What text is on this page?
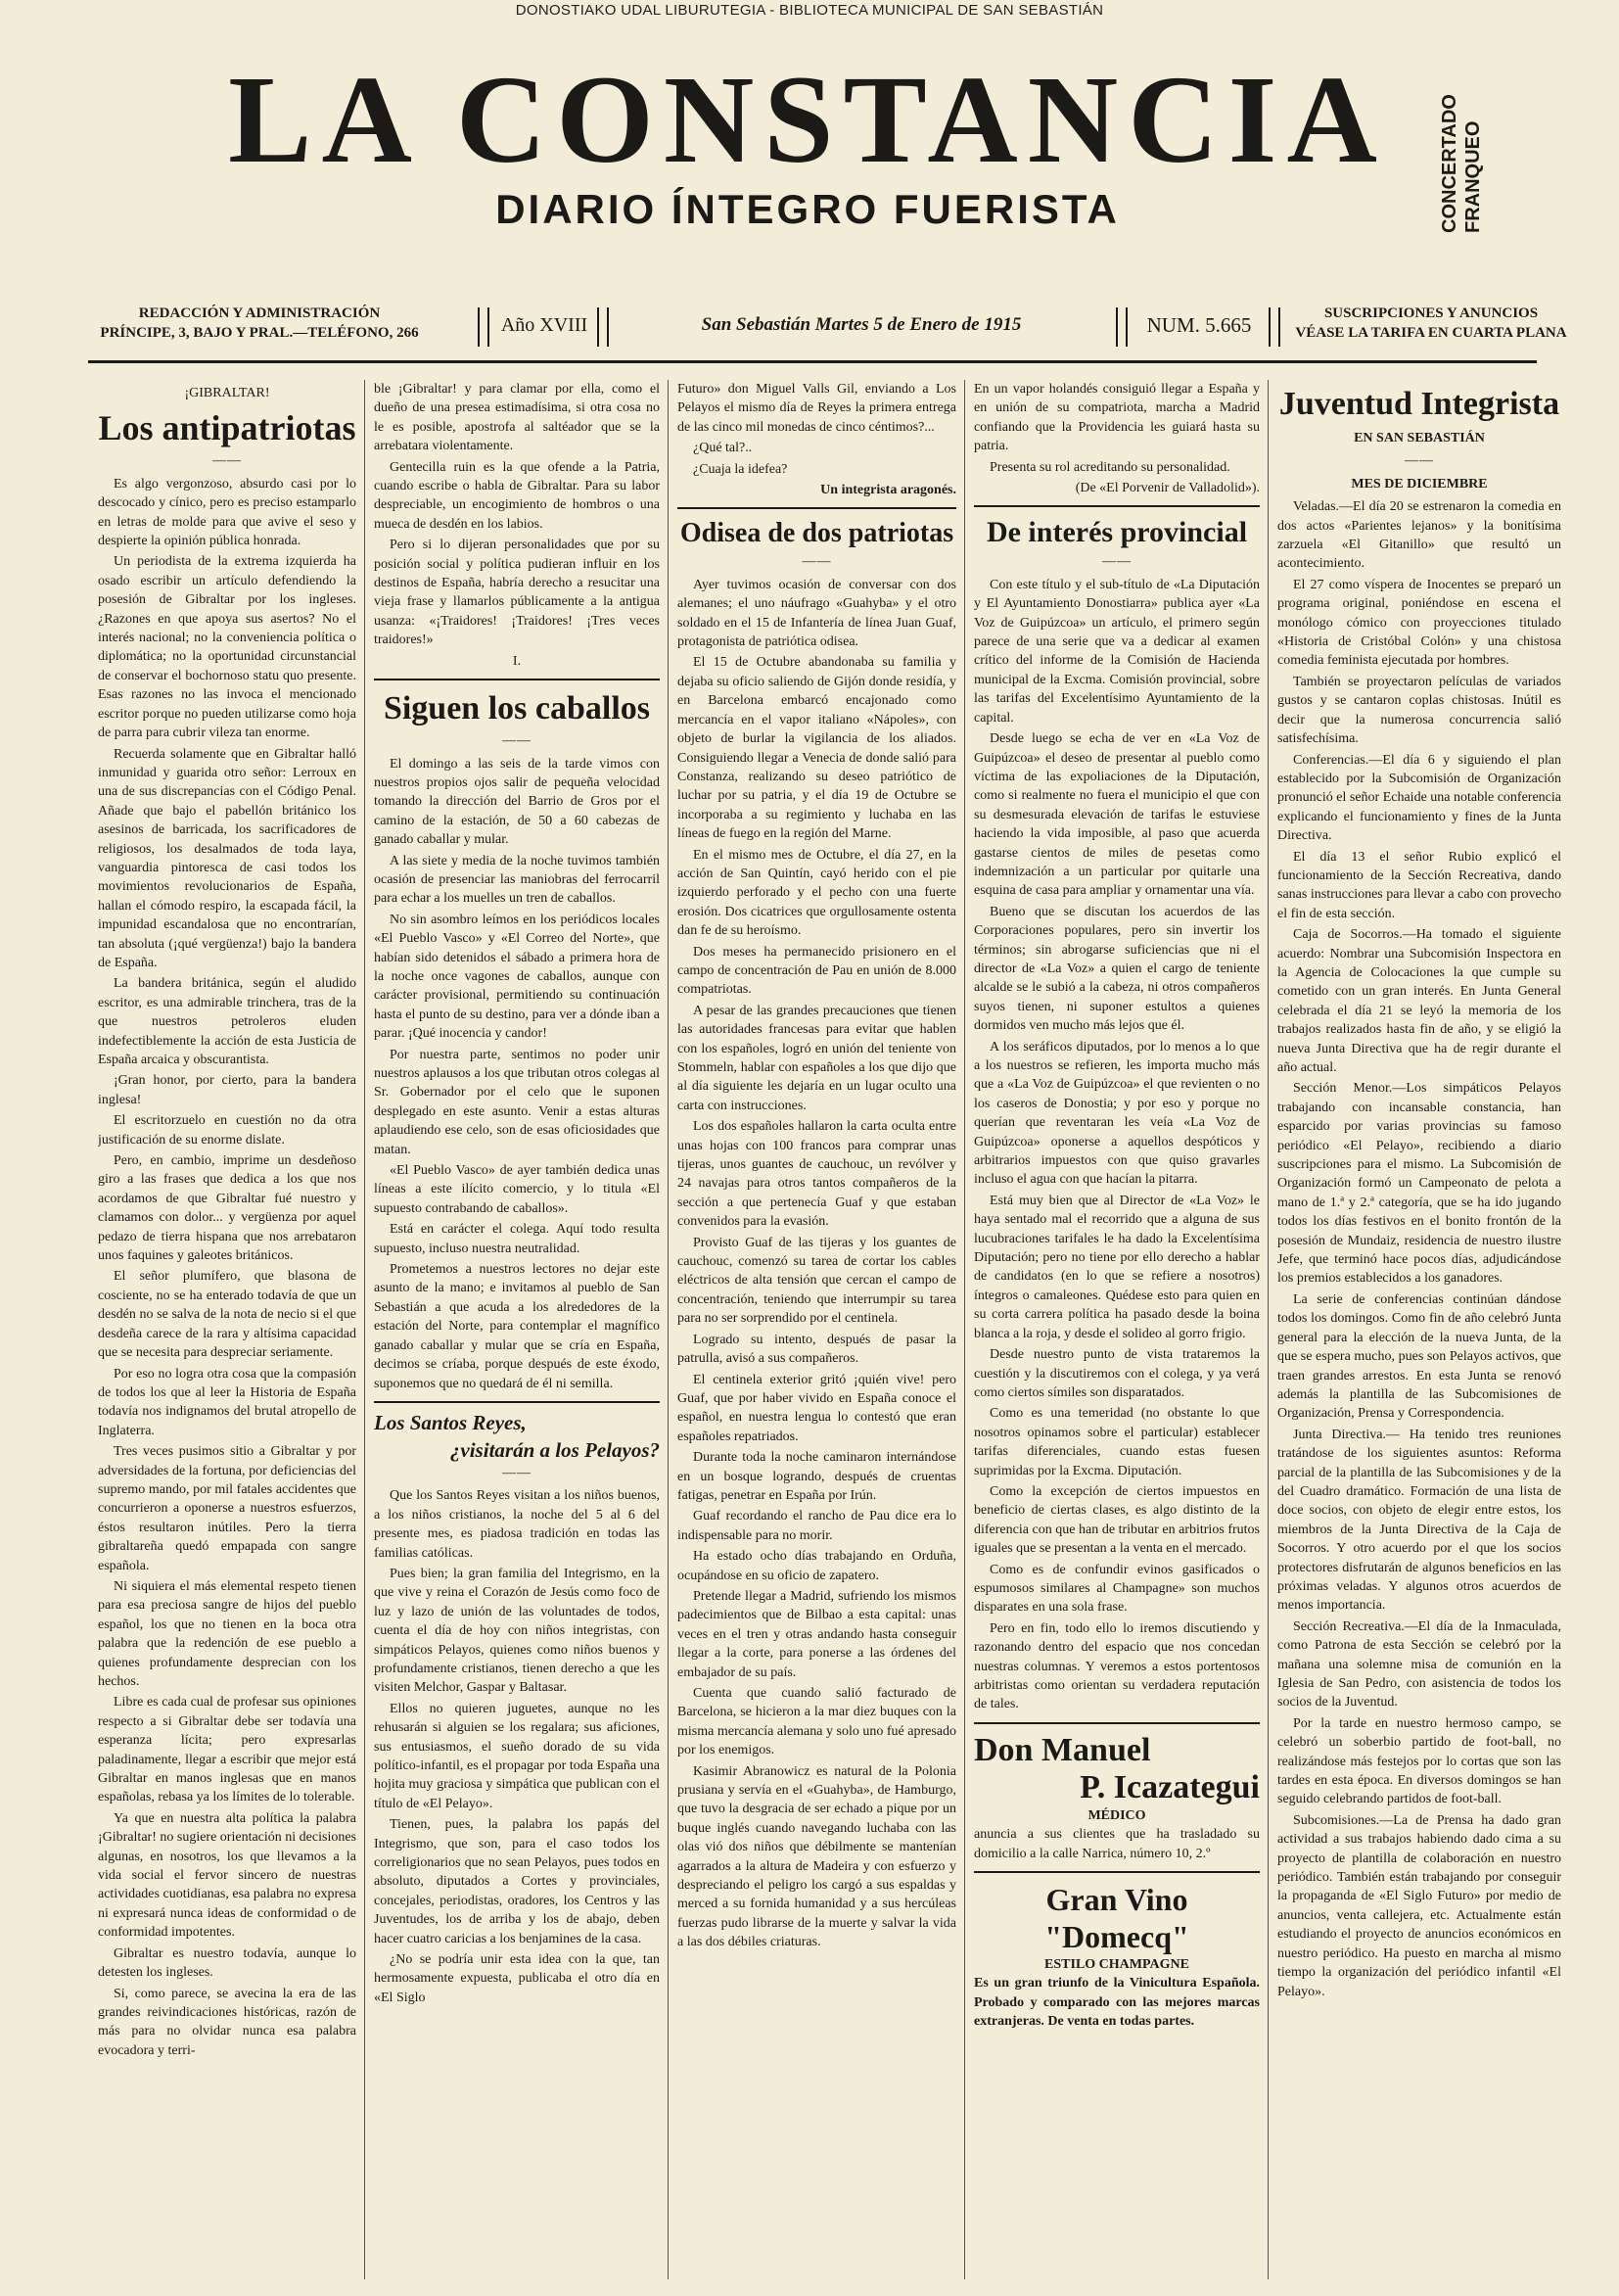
DONOSTIAKO UDAL LIBURUTEGIA - BIBLIOTECA MUNICIPAL DE SAN SEBASTIÁN
LA CONSTANCIA
DIARIO ÍNTEGRO FUERISTA	CONCERTADO FRANQUEO
REDACCIÓN Y ADMINISTRACIÓN
PRÍNCIPE, 3, BAJO Y PRAL.—TELÉFONO, 266	Año XVIII	San Sebastián Martes 5 de Enero de 1915	NUM. 5.665	SUSCRIPCIONES Y ANUNCIOS
VÉASE LA TARIFA EN CUARTA PLANA

¡GIBRALTAR!

Los antipatriotas

——

Es algo vergonzoso, absurdo casi por lo descocado y cínico, pero es preciso estamparlo en letras de molde para que avive el seso y despierte la opinión pública honrada.

Un periodista de la extrema izquierda ha osado escribir un artículo defendiendo la posesión de Gibraltar por los ingleses. ¿Razones en que apoya sus asertos? No el interés nacional; no la conveniencia política o diplomática; no la oportunidad circunstancial de conservar el bochornoso statu quo presente. Esas razones no las invoca el mencionado escritor porque no pueden utilizarse como hoja de parra para cubrir vileza tan enorme.

Recuerda solamente que en Gibraltar halló inmunidad y guarida otro señor: Lerroux en una de sus discrepancias con el Código Penal. Añade que bajo el pabellón británico los asesinos de barricada, los sacrificadores de religiosos, los desalmados de toda laya, vanguardia pintoresca de casi todos los movimientos revolucionarios de España, hallan el cómodo respiro, la escapada fácil, la impunidad escandalosa que no encontrarían, tan absoluta (¡qué vergüenza!) bajo la bandera de España.

La bandera británica, según el aludido escritor, es una admirable trinchera, tras de la que nuestros petroleros eluden indefectiblemente la acción de esta Justicia de España arcaica y obscurantista.

¡Gran honor, por cierto, para la bandera inglesa!

El escritorzuelo en cuestión no da otra justificación de su enorme dislate.

Pero, en cambio, imprime un desdeñoso giro a las frases que dedica a los que nos acordamos de que Gibraltar fué nuestro y clamamos con dolor... y vergüenza por aquel pedazo de tierra hispana que nos arrebataron unos faquines y galeotes británicos.

El señor plumífero, que blasona de cosciente, no se ha enterado todavía de que un desdén no se salva de la nota de necio si el que desdeña carece de la rara y altísima capacidad que se necesita para despreciar seriamente.

Por eso no logra otra cosa que la compasión de todos los que al leer la Historia de España todavía nos indignamos del brutal atropello de Inglaterra.

Tres veces pusimos sitio a Gibraltar y por adversidades de la fortuna, por deficiencias del supremo mando, por mil fatales accidentes que concurrieron a oponerse a nuestros esfuerzos, éstos resultaron inútiles. Pero la tierra gibraltareña quedó empapada con sangre española.

Ni siquiera el más elemental respeto tienen para esa preciosa sangre de hijos del pueblo español, los que no tienen en la boca otra palabra que la redención de ese pueblo a quienes profundamente desprecian con los hechos.

Libre es cada cual de profesar sus opiniones respecto a si Gibraltar debe ser todavía una esperanza lícita; pero expresarlas paladinamente, llegar a escribir que mejor está Gibraltar en manos inglesas que en manos españolas, rebasa ya los límites de lo tolerable.

Ya que en nuestra alta política la palabra ¡Gibraltar! no sugiere orientación ni decisiones algunas, en nosotros, los que llevamos a la vida social el fervor sincero de nuestras actividades cuotidianas, esa palabra no expresa ni expresará nunca ideas de conformidad o de conformidad impotentes.

Gibraltar es nuestro todavía, aunque lo detesten los ingleses.

Si, como parece, se avecina la era de las grandes reivindicaciones históricas, razón de más para no olvidar nunca esa palabra evocadora y terri-

ble ¡Gibraltar! y para clamar por ella, como el dueño de una presea estimadísima, si otra cosa no le es posible, apostrofa al saltéador que se la arrebatara violentamente.

Gentecilla ruin es la que ofende a la Patria, cuando escribe o habla de Gibraltar. Para su labor despreciable, un encogimiento de hombros o una mueca de desdén en los labios.

Pero si lo dijeran personalidades que por su posición social y política pudieran influir en los destinos de España, habría derecho a resucitar una vieja frase y llamarlos públicamente a la antigua usanza: «¡Traidores! ¡Traidores! ¡Tres veces traidores!»

I.

Siguen los caballos

——

El domingo a las seis de la tarde vimos con nuestros propios ojos salir de pequeña velocidad tomando la dirección del Barrio de Gros por el camino de la estación, de 50 a 60 cabezas de ganado caballar y mular.

A las siete y media de la noche tuvimos también ocasión de presenciar las maniobras del ferrocarril para echar a los muelles un tren de caballos.

No sin asombro leímos en los periódicos locales «El Pueblo Vasco» y «El Correo del Norte», que habían sido detenidos el sábado a primera hora de la noche once vagones de caballos, aunque con carácter provisional, permitiendo su continuación hasta el punto de su destino, para ver a dónde iban a parar. ¡Qué inocencia y candor!

Por nuestra parte, sentimos no poder unir nuestros aplausos a los que tributan otros colegas al Sr. Gobernador por el celo que le suponen desplegado en este asunto. Venir a estas alturas aplaudiendo ese celo, son de esas oficiosidades que matan.

«El Pueblo Vasco» de ayer también dedica unas líneas a este ilícito comercio, y lo titula «El supuesto contrabando de caballos».

Está en carácter el colega. Aquí todo resulta supuesto, incluso nuestra neutralidad.

Prometemos a nuestros lectores no dejar este asunto de la mano; e invitamos al pueblo de San Sebastián a que acuda a los alrededores de la estación del Norte, para contemplar el magnífico ganado caballar y mular que se cría en España, decimos se críaba, porque después de este éxodo, suponemos que no quedará de él ni semilla.

Los Santos Reyes,

¿visitarán a los Pelayos?

——

Que los Santos Reyes visitan a los niños buenos, a los niños cristianos, la noche del 5 al 6 del presente mes, es piadosa tradición en todas las familias católicas.

Pues bien; la gran familia del Integrismo, en la que vive y reina el Corazón de Jesús como foco de luz y lazo de unión de las voluntades de todos, cuenta el día de hoy con niños integristas, con simpáticos Pelayos, quienes como niños buenos y profundamente cristianos, tienen derecho a que les visiten Melchor, Gaspar y Baltasar.

Ellos no quieren juguetes, aunque no les rehusarán si alguien se los regalara; sus aficiones, sus entusiasmos, el sueño dorado de su vida político-infantil, es el propagar por toda España una hojita muy graciosa y simpática que publican con el título de «El Pelayo».

Tienen, pues, la palabra los papás del Integrismo, que son, para el caso todos los correligionarios que no sean Pelayos, pues todos en absoluto, diputados a Cortes y provinciales, concejales, periodistas, oradores, los Centros y las Juventudes, los de arriba y los de abajo, deben hacer cuatro caricias a los benjamines de la casa.

¿No se podría unir esta idea con la que, tan hermosamente expuesta, publicaba el otro día en «El Siglo

Futuro» don Miguel Valls Gil, enviando a Los Pelayos el mismo día de Reyes la primera entrega de las cinco mil monedas de cinco céntimos?...

¿Qué tal?..

¿Cuaja la idefea?

Un integrista aragonés.

Odisea de dos patriotas

——

Ayer tuvimos ocasión de conversar con dos alemanes; el uno náufrago «Guahyba» y el otro soldado en el 15 de Infantería de línea Juan Guaf, protagonista de patriótica odisea.

El 15 de Octubre abandonaba su familia y dejaba su oficio saliendo de Gijón donde residía, y en Barcelona embarcó encajonado como mercancía en el vapor italiano «Nápoles», con objeto de burlar la vigilancia de los aliados. Consiguiendo llegar a Venecia de donde salió para Constanza, realizando su deseo patriótico de luchar por su patria, y el día 19 de Octubre se incorporaba a su regimiento y luchaba en las líneas de fuego en la región del Marne.

En el mismo mes de Octubre, el día 27, en la acción de San Quintín, cayó herido con el pie izquierdo perforado y el pecho con una fuerte erosión. Dos cicatrices que orgullosamente ostenta dan fe de su heroísmo.

Dos meses ha permanecido prisionero en el campo de concentración de Pau en unión de 8.000 compatriotas.

A pesar de las grandes precauciones que tienen las autoridades francesas para evitar que hablen con los españoles, logró en unión del teniente von Stommeln, hablar con españoles a los que dijo que al día siguiente les dejaría en un lugar oculto una carta con instrucciones.

Los dos españoles hallaron la carta oculta entre unas hojas con 100 francos para comprar unas tijeras, unos guantes de cauchouc, un revólver y 24 navajas para otros tantos compañeros de la sección a que pertenecía Guaf y que estaban convenidos para la evasión.

Provisto Guaf de las tijeras y los guantes de cauchouc, comenzó su tarea de cortar los cables eléctricos de alta tensión que cercan el campo de concentración, teniendo que interrumpir su tarea para no ser sorprendido por el centinela.

Logrado su intento, después de pasar la patrulla, avisó a sus compañeros.

El centinela exterior gritó ¡quién vive! pero Guaf, que por haber vivido en España conoce el español, en nuestra lengua lo contestó que eran españoles repatriados.

Durante toda la noche caminaron internándose en un bosque logrando, después de cruentas fatigas, penetrar en España por Irún.

Guaf recordando el rancho de Pau dice era lo indispensable para no morir.

Ha estado ocho días trabajando en Orduña, ocupándose en su oficio de zapatero.

Pretende llegar a Madrid, sufriendo los mismos padecimientos que de Bilbao a esta capital: unas veces en el tren y otras andando hasta conseguir llegar a la corte, para ponerse a las órdenes del embajador de su país.

Cuenta que cuando salió facturado de Barcelona, se hicieron a la mar diez buques con la misma mercancía alemana y solo uno fué apresado por los enemigos.

Kasimir Abranowicz es natural de la Polonia prusiana y servía en el «Guahyba», de Hamburgo, que tuvo la desgracia de ser echado a pique por un buque inglés cuando navegando luchaba con las olas vió dos niños que débilmente se mantenían agarrados a la altura de Madeira y con esfuerzo y despreciando el peligro los cargó a sus espaldas y merced a su fornida humanidad y a sus hercúleas fuerzas pudo librarse de la muerte y salvar la vida a las dos débiles criaturas.

En un vapor holandés consiguió llegar a España y en unión de su compatriota, marcha a Madrid confiando que la Providencia les guiará hasta su patria.

Presenta su rol acreditando su personalidad.

(De «El Porvenir de Valladolid»).

De interés provincial

——

Con este título y el sub-título de «La Diputación y El Ayuntamiento Donostiarra» publica ayer «La Voz de Guipúzcoa» un artículo, el primero según parece de una serie que va a dedicar al examen crítico del informe de la Comisión de Hacienda municipal de la Excma. Comisión provincial, sobre las tarifas del Excelentísimo Ayuntamiento de la capital.

Desde luego se echa de ver en «La Voz de Guipúzcoa» el deseo de presentar al pueblo como víctima de las expoliaciones de la Diputación, como si realmente no fuera el municipio el que con su desmesurada elevación de tarifas le estuviese haciendo la vida imposible, al paso que acuerda gastarse cientos de miles de pesetas como indemnización a un particular por quitarle una esquina de casa para ampliar y ornamentar una vía.

Bueno que se discutan los acuerdos de las Corporaciones populares, pero sin invertir los términos; sin abrogarse suficiencias que ni el director de «La Voz» a quien el cargo de teniente alcalde se le subió a la cabeza, ni otros compañeros suyos tienen, ni suponer estultos a quienes dormidos ven mucho más lejos que él.

A los seráficos diputados, por lo menos a lo que a los nuestros se refieren, les importa mucho más que a «La Voz de Guipúzcoa» el que revienten o no los caseros de Donostia; y por eso y porque no querían que reventaran les veía «La Voz de Guipúzcoa» oponerse a aquellos despóticos y arbitrarios impuestos con que quiso gravarles incluso el agua con que hacían la pitarra.

Está muy bien que al Director de «La Voz» le haya sentado mal el recorrido que a alguna de sus lucubraciones tarifales le ha dado la Excelentísima Diputación; pero no tiene por ello derecho a hablar de candidatos (en lo que se refiere a nosotros) íntegros o camaleones. Quédese esto para quien en su corta carrera política ha pasado desde la boina blanca a la roja, y desde el solideo al gorro frigio.

Desde nuestro punto de vista trataremos la cuestión y la discutiremos con el colega, y ya verá como ciertos símiles son disparatados.

Como es una temeridad (no obstante lo que nosotros opinamos sobre el particular) establecer tarifas diferenciales, cuando estas fuesen suprimidas por la Excma. Diputación.

Como la excepción de ciertos impuestos en beneficio de ciertas clases, es algo distinto de la diferencia con que han de tributar en arbitrios frutos iguales que se presentan a la venta en el mercado.

Como es de confundir evinos gasificados o espumosos similares al Champagne» son muchos disparates en una sola frase.

Pero en fin, todo ello lo iremos discutiendo y razonando dentro del espacio que nos concedan nuestras columnas. Y veremos a estos portentosos arbitristas como orientan su verdadera reputación de tales.

Don Manuel
P. Icazategui
MÉDICO
anuncia a sus clientes que ha trasladado su domicilio a la calle Narrica, número 10, 2.º
Gran Vino "Domecq"
ESTILO CHAMPAGNE
Es un gran triunfo de la Vinicultura Española. Probado y comparado con las mejores marcas extranjeras. De venta en todas partes.

Juventud Integrista

EN SAN SEBASTIÁN

——

MES DE DICIEMBRE

Veladas.—El día 20 se estrenaron la comedia en dos actos «Parientes lejanos» y la bonitísima zarzuela «El Gitanillo» que resultó un acontecimiento.

El 27 como víspera de Inocentes se preparó un programa original, poniéndose en escena el monólogo cómico con proyecciones titulado «Historia de Cristóbal Colón» y una chistosa comedia feminista ejecutada por hombres.

También se proyectaron películas de variados gustos y se cantaron coplas chistosas. Inútil es decir que la numerosa concurrencia salió satisfechísima.

Conferencias.—El día 6 y siguiendo el plan establecido por la Subcomisión de Organización pronunció el señor Echaide una notable conferencia explicando el funcionamiento y fines de la Junta Directiva.

El día 13 el señor Rubio explicó el funcionamiento de la Sección Recreativa, dando sanas instrucciones para llevar a cabo con provecho el fin de esta sección.

Caja de Socorros.—Ha tomado el siguiente acuerdo: Nombrar una Subcomisión Inspectora en la Agencia de Colocaciones la que cumple su cometido con un gran interés. En Junta General celebrada el día 21 se leyó la memoria de los trabajos realizados hasta fin de año, y se eligió la nueva Junta Directiva que ha de regir durante el año actual.

Sección Menor.—Los simpáticos Pelayos trabajando con incansable constancia, han esparcido por varias provincias su famoso periódico «El Pelayo», recibiendo a diario suscripciones para el mismo. La Subcomisión de Organización formó un Campeonato de pelota a mano de 1.ª y 2.ª categoría, que se ha ido jugando todos los días festivos en el bonito frontón de la posesión de Mundaiz, residencia de nuestro ilustre Jefe, que terminó hace pocos días, adjudicándose los premios establecidos a los ganadores.

La serie de conferencias continúan dándose todos los domingos. Como fin de año celebró Junta general para la elección de la nueva Junta, de la que se espera mucho, pues son Pelayos activos, que traen grandes arrestos. En esta Junta se renovó además la plantilla de las Subcomisiones de Organización, Prensa y Correspondencia.

Junta Directiva.— Ha tenido tres reuniones tratándose de los siguientes asuntos: Reforma parcial de la plantilla de las Subcomisiones y de la del Cuadro dramático. Formación de una lista de doce socios, con objeto de elegir entre estos, los miembros de la Junta Directiva de la Caja de Socorros. Y otro acuerdo por el que los socios protectores disfrutarán de algunos beneficios en las próximas veladas. Y algunos otros acuerdos de menos importancia.

Sección Recreativa.—El día de la Inmaculada, como Patrona de esta Sección se celebró por la mañana una solemne misa de comunión en la Iglesia de San Pedro, con asistencia de todos los socios de la Juventud.

Por la tarde en nuestro hermoso campo, se celebró un soberbio partido de foot-ball, no realizándose más festejos por lo cortas que son las tardes en esta época. En diversos domingos se han seguido celebrando partidos de foot-ball.

Subcomisiones.—La de Prensa ha dado gran actividad a sus trabajos habiendo dado cima a su proyecto de plantilla de colaboración en nuestro periódico. También están trabajando por conseguir la propaganda de «El Siglo Futuro» por medio de anuncios, venta callejera, etc. Actualmente están estudiando el proyecto de anuncios económicos en nuestro periódico. Ha puesto en marcha al mismo tiempo la organización del periódico infantil «El Pelayo».
